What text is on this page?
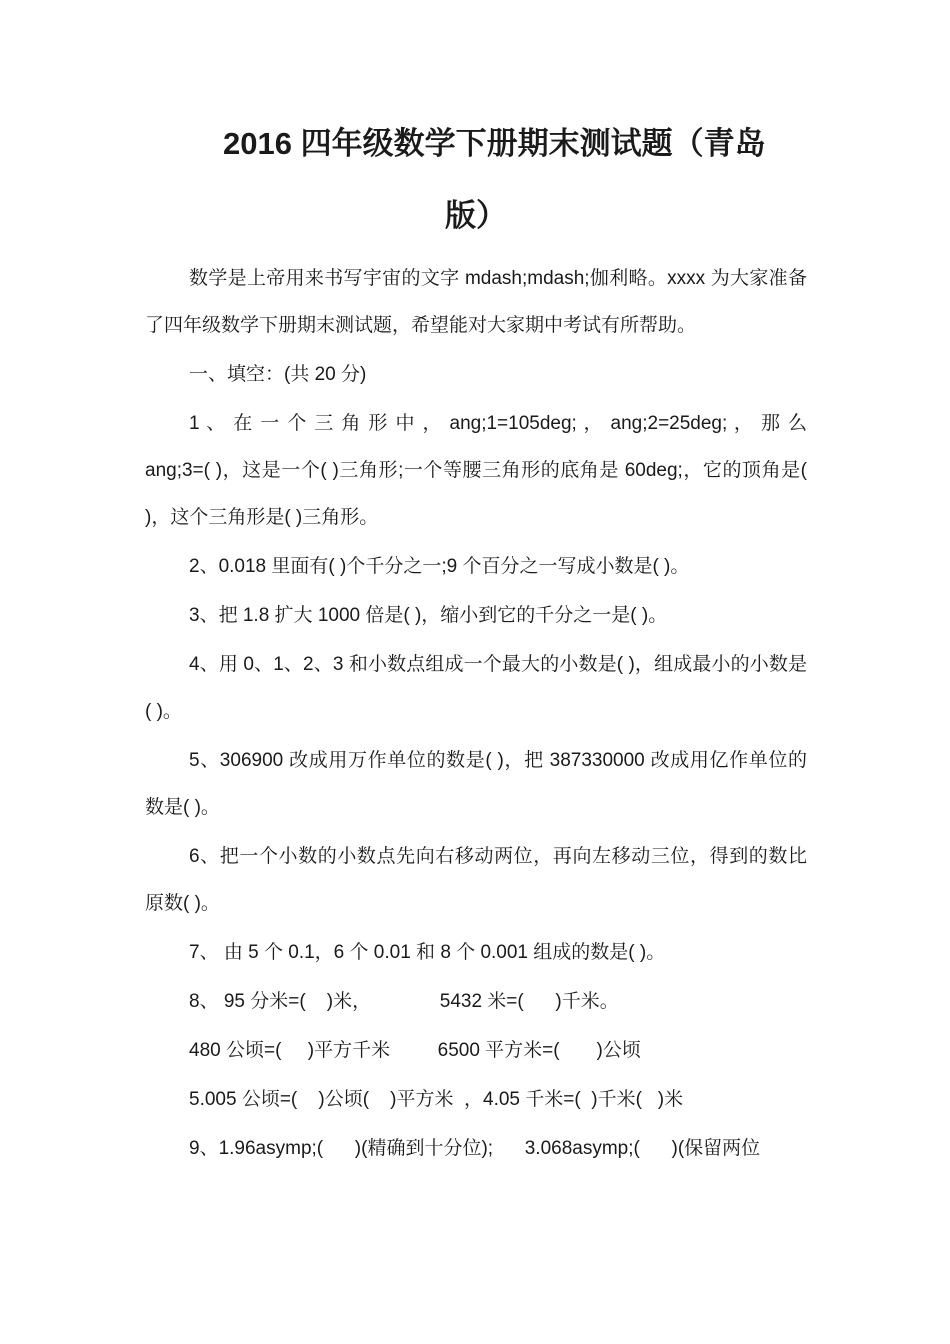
2016 四年级数学下册期末测试题（青岛

版）

数学是上帝用来书写宇宙的文字 mdash;mdash;伽利略。xxxx 为大家准备了四年级数学下册期末测试题，希望能对大家期中考试有所帮助。

一、填空：(共 20 分)

1 、 在 一 个 三 角 形 中 ， ang;1=105deg; ， ang;2=25deg; ， 那 么 ang;3=( )，这是一个( )三角形;一个等腰三角形的底角是 60deg;，它的顶角是( )，这个三角形是( )三角形。

2、0.018 里面有( )个千分之一;9 个百分之一写成小数是( )。

3、把 1.8 扩大 1000 倍是( )，缩小到它的千分之一是( )。

4、用 0、1、2、3 和小数点组成一个最大的小数是( )，组成最小的小数是( )。

5、306900 改成用万作单位的数是( )，把 387330000 改成用亿作单位的数是( )。

6、把一个小数的小数点先向右移动两位，再向左移动三位，得到的数比原数( )。

7、 由 5 个 0.1，6 个 0.01 和 8 个 0.001 组成的数是( )。

8、 95 分米=(    )米，             5432 米=(      )千米。

480 公顷=(     )平方千米         6500 平方米=(       )公顷

5.005 公顷=(    )公顷(    )平方米  ，4.05 千米=(  )千米(   )米

9、1.96asymp;(      )(精确到十分位);      3.068asymp;(      )(保留两位
